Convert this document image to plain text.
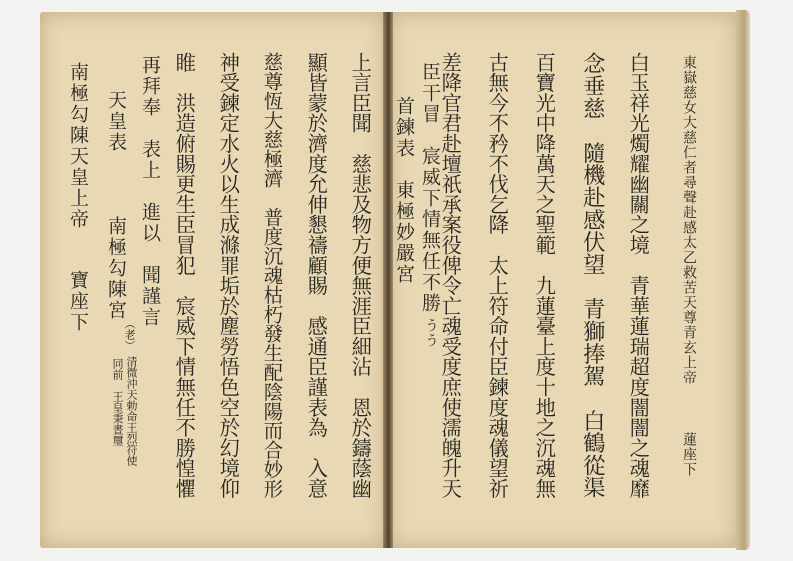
東嶽慈女大慈仁者尋聲赴感太乙救苦天尊青玄上帝
蓮座下
白玉祥光燭耀幽關之境　青華蓮瑞超度闇闇之魂靡
念垂慈　隨機赴感伏望　青獅捧駕　白鶴從渠
百寶光中降萬天之聖範　九蓮臺上度十地之沉魂無
古無今不矜不伐乞降　太上符命付臣鍊度魂儀望祈
差降官君赴壇祇承案役俾令亡魂受度庶使濡魄升天
臣干冒　宸威下情無任不勝
うう
首鍊表　東極妙嚴宮
上言臣聞　慈悲及物方便無涯臣細沾　恩於鑄蔭幽
顯皆蒙於濟度允伸懇禱顧賜　感通臣謹表為　入意
慈尊恆大慈極濟　普度沉魂枯朽發生配陰陽而合妙形
神受鍊定水火以生成滌罪垢於塵勞悟色空於幻境仰
睢　洪造俯賜更生臣冒犯　宸威下情無任不勝惶懼
再拜奉　表上　進以　聞謹言
天皇表
南極勾陳宮
（老）
清微沖天勅命王烈符使
同前　王皇秉晝璽
南極勾陳天皇上帝
寶座下
